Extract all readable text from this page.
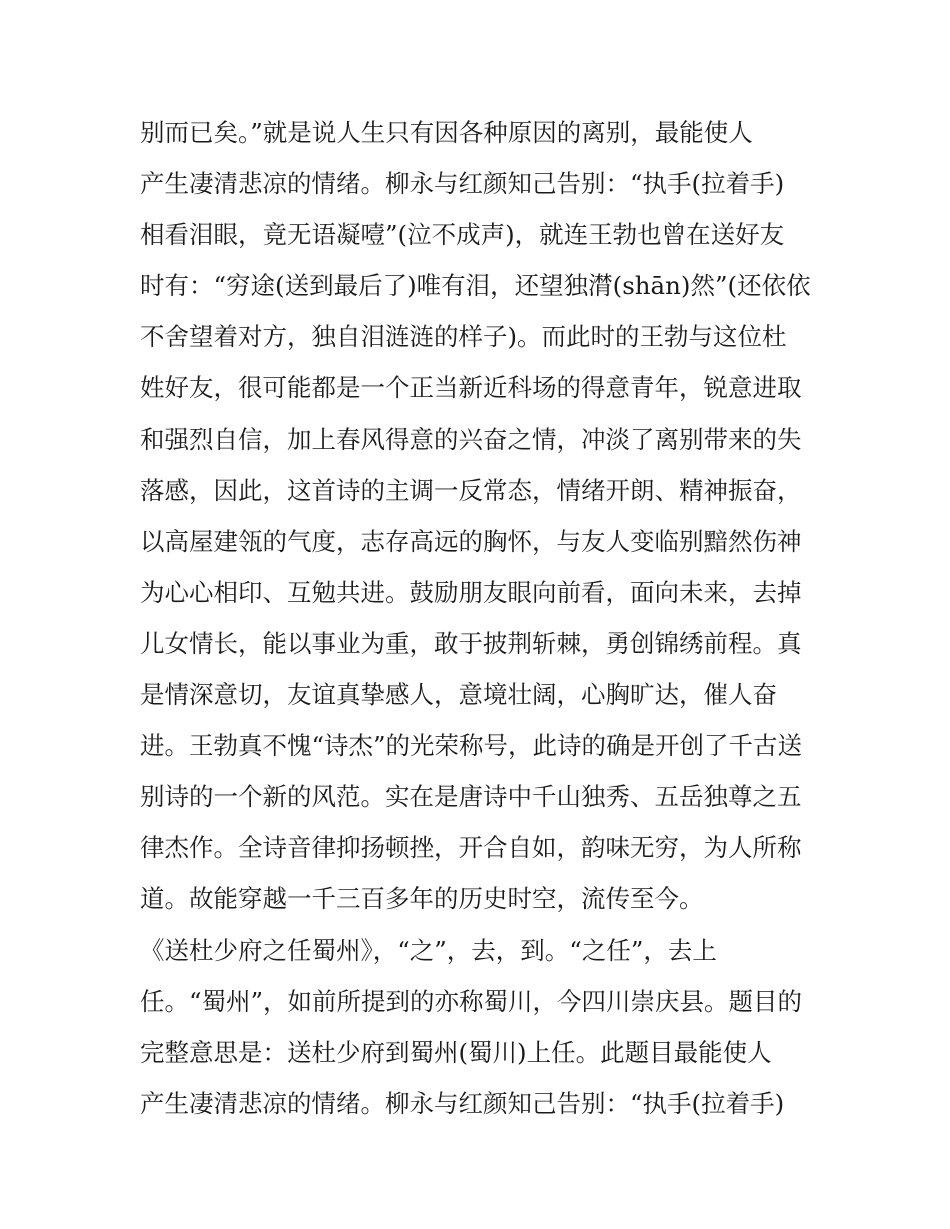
别而已矣。”就是说人生只有因各种原因的离别，最能使人
产生凄清悲凉的情绪。柳永与红颜知己告别：“执手(拉着手)
相看泪眼，竟无语凝噎”(泣不成声)，就连王勃也曾在送好友
时有：“穷途(送到最后了)唯有泪，还望独潸(shān)然”(还依依
不舍望着对方，独自泪涟涟的样子)。而此时的王勃与这位杜
姓好友，很可能都是一个正当新近科场的得意青年，锐意进取
和强烈自信，加上春风得意的兴奋之情，冲淡了离别带来的失
落感，因此，这首诗的主调一反常态，情绪开朗、精神振奋，
以高屋建瓴的气度，志存高远的胸怀，与友人变临别黯然伤神
为心心相印、互勉共进。鼓励朋友眼向前看，面向未来，去掉
儿女情长，能以事业为重，敢于披荆斩棘，勇创锦绣前程。真
是情深意切，友谊真挚感人，意境壮阔，心胸旷达，催人奋
进。王勃真不愧“诗杰”的光荣称号，此诗的确是开创了千古送
别诗的一个新的风范。实在是唐诗中千山独秀、五岳独尊之五
律杰作。全诗音律抑扬顿挫，开合自如，韵味无穷，为人所称
道。故能穿越一千三百多年的历史时空，流传至今。
《送杜少府之任蜀州》，“之”，去，到。“之任”，去上
任。“蜀州”，如前所提到的亦称蜀川，今四川崇庆县。题目的
完整意思是：送杜少府到蜀州(蜀川)上任。此题目最能使人
产生凄清悲凉的情绪。柳永与红颜知己告别：“执手(拉着手)
